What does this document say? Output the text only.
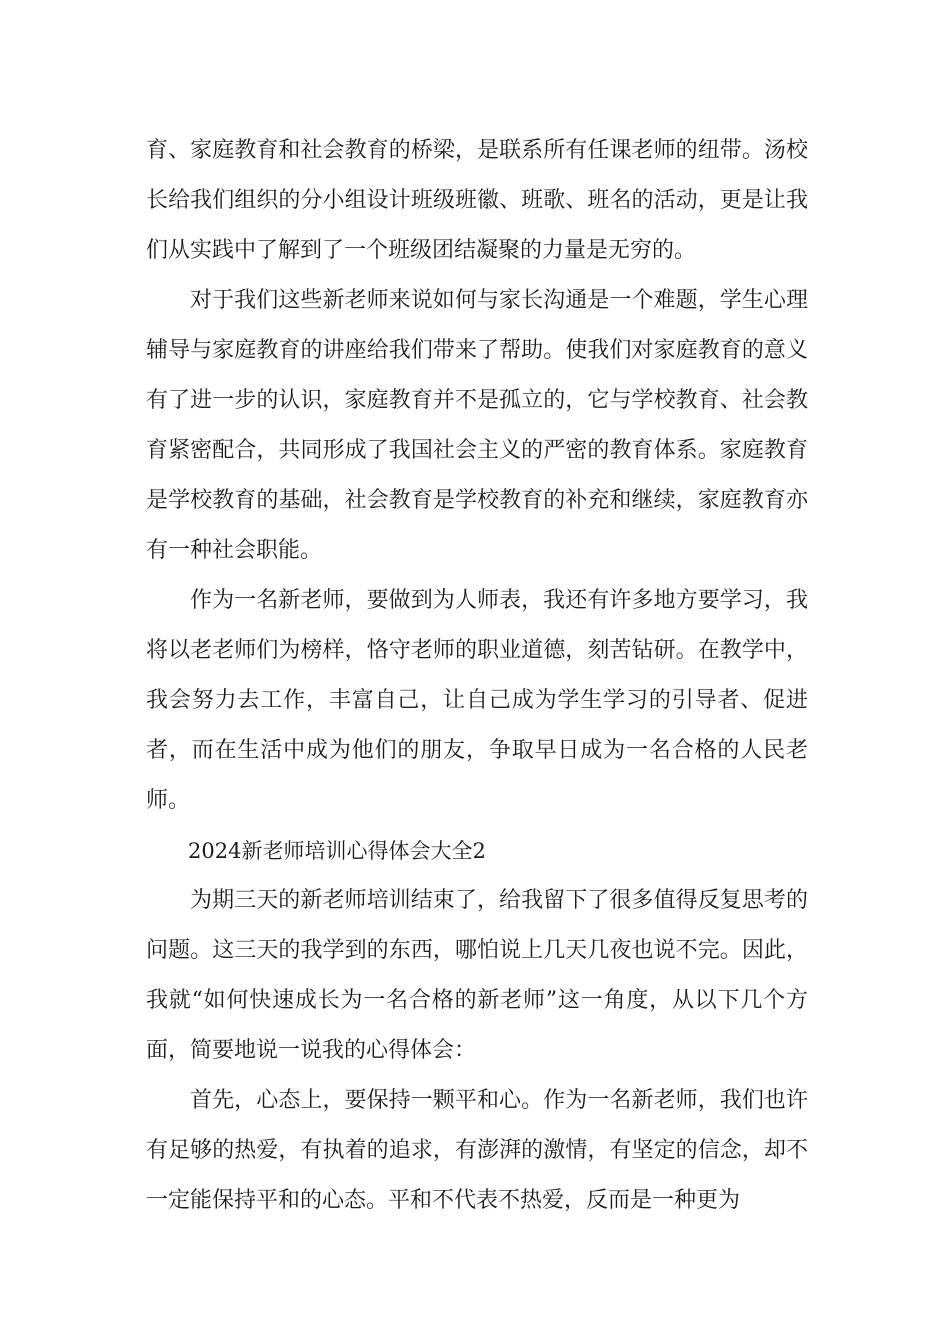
育、家庭教育和社会教育的桥梁，是联系所有任课老师的纽带。汤校长给我们组织的分小组设计班级班徽、班歌、班名的活动，更是让我们从实践中了解到了一个班级团结凝聚的力量是无穷的。

对于我们这些新老师来说如何与家长沟通是一个难题，学生心理辅导与家庭教育的讲座给我们带来了帮助。使我们对家庭教育的意义有了进一步的认识，家庭教育并不是孤立的，它与学校教育、社会教育紧密配合，共同形成了我国社会主义的严密的教育体系。家庭教育是学校教育的基础，社会教育是学校教育的补充和继续，家庭教育亦有一种社会职能。

作为一名新老师，要做到为人师表，我还有许多地方要学习，我将以老老师们为榜样，恪守老师的职业道德，刻苦钻研。在教学中，我会努力去工作，丰富自己，让自己成为学生学习的引导者、促进者，而在生活中成为他们的朋友，争取早日成为一名合格的人民老师。

2024新老师培训心得体会大全2

为期三天的新老师培训结束了，给我留下了很多值得反复思考的问题。这三天的我学到的东西，哪怕说上几天几夜也说不完。因此，我就“如何快速成长为一名合格的新老师”这一角度，从以下几个方面，简要地说一说我的心得体会：

首先，心态上，要保持一颗平和心。作为一名新老师，我们也许有足够的热爱，有执着的追求，有澎湃的激情，有坚定的信念，却不一定能保持平和的心态。平和不代表不热爱，反而是一种更为
